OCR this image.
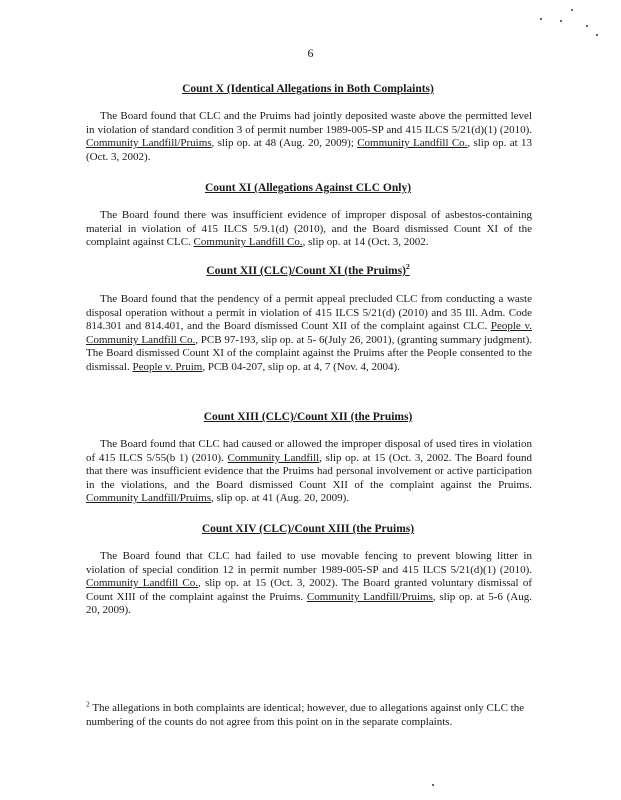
6
Count X (Identical Allegations in Both Complaints)

The Board found that CLC and the Pruims had jointly deposited waste above the permitted level in violation of standard condition 3 of permit number 1989-005-SP and 415 ILCS 5/21(d)(1) (2010). Community Landfill/Pruims, slip op. at 48 (Aug. 20, 2009); Community Landfill Co., slip op. at 13 (Oct. 3, 2002).

Count XI (Allegations Against CLC Only)

The Board found there was insufficient evidence of improper disposal of asbestos-containing material in violation of 415 ILCS 5/9.1(d) (2010), and the Board dismissed Count XI of the complaint against CLC. Community Landfill Co., slip op. at 14 (Oct. 3, 2002.

Count XII (CLC)/Count XI (the Pruims)$^2$

The Board found that the pendency of a permit appeal precluded CLC from conducting a waste disposal operation without a permit in violation of 415 ILCS 5/21(d) (2010) and 35 Ill. Adm. Code 814.301 and 814.401, and the Board dismissed Count XII of the complaint against CLC. People v. Community Landfill Co., PCB 97-193, slip op. at 5- 6(July 26, 2001), (granting summary judgment). The Board dismissed Count XI of the complaint against the Pruims after the People consented to the dismissal. People v. Pruim, PCB 04-207, slip op. at 4, 7 (Nov. 4, 2004).

Count XIII (CLC)/Count XII (the Pruims)

The Board found that CLC had caused or allowed the improper disposal of used tires in violation of 415 ILCS 5/55(b 1) (2010). Community Landfill, slip op. at 15 (Oct. 3, 2002. The Board found that there was insufficient evidence that the Pruims had personal involvement or active participation in the violations, and the Board dismissed Count XII of the complaint against the Pruims. Community Landfill/Pruims, slip op. at 41 (Aug. 20, 2009).

Count XIV (CLC)/Count XIII (the Pruims)

The Board found that CLC had failed to use movable fencing to prevent blowing litter in violation of special condition 12 in permit number 1989-005-SP and 415 ILCS 5/21(d)(1) (2010). Community Landfill Co., slip op. at 15 (Oct. 3, 2002). The Board granted voluntary dismissal of Count XIII of the complaint against the Pruims. Community Landfill/Pruims, slip op. at 5-6 (Aug. 20, 2009).

$^2$ The allegations in both complaints are identical; however, due to allegations against only CLC the numbering of the counts do not agree from this point on in the separate complaints.
